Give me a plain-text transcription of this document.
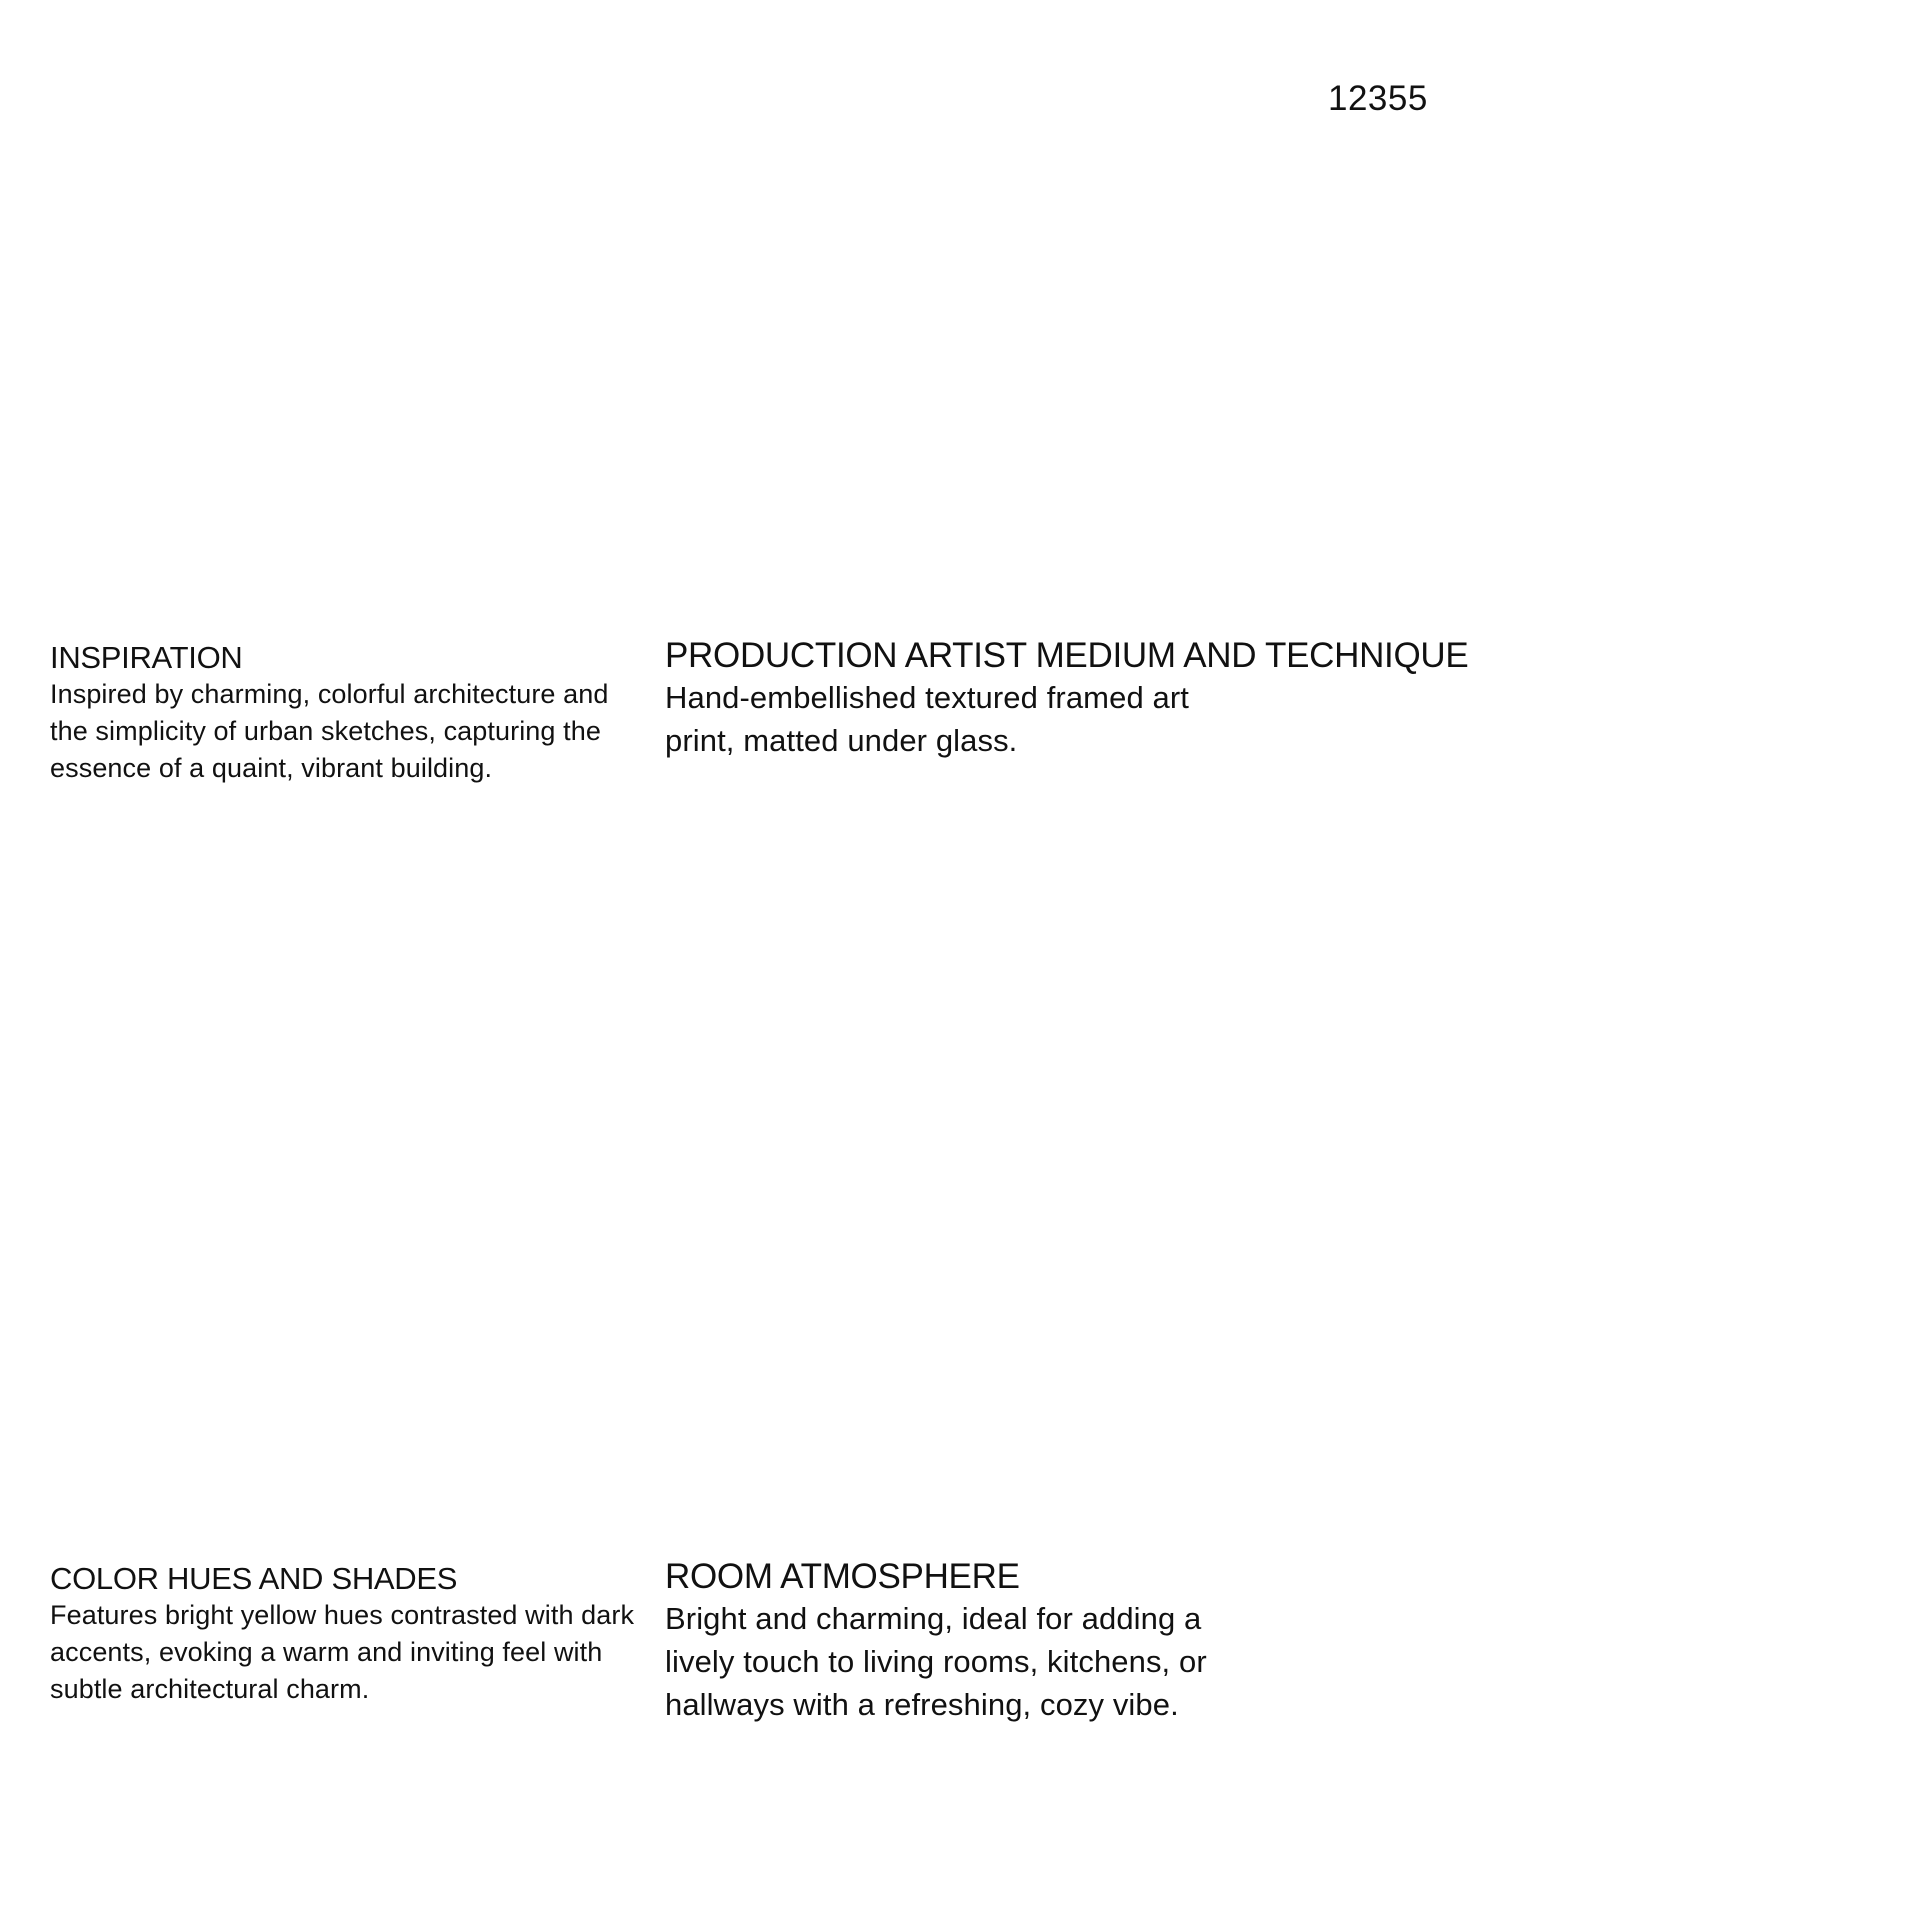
12355
INSPIRATION

Inspired by charming, colorful architecture and the simplicity of urban sketches, capturing the essence of a quaint, vibrant building.

PRODUCTION ARTIST MEDIUM AND TECHNIQUE

Hand-embellished textured framed art print, matted under glass.

COLOR HUES AND SHADES

Features bright yellow hues contrasted with dark accents, evoking a warm and inviting feel with subtle architectural charm.

ROOM ATMOSPHERE

Bright and charming, ideal for adding a lively touch to living rooms, kitchens, or hallways with a refreshing, cozy vibe.
